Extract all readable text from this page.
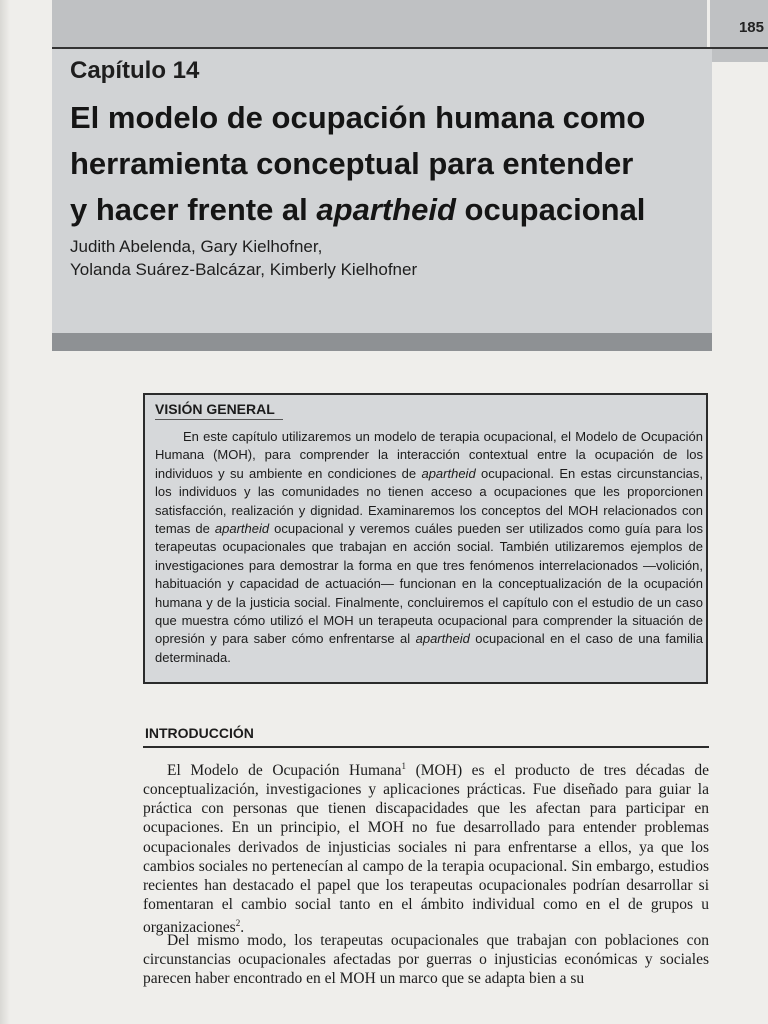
185
Capítulo 14
El modelo de ocupación humana como
herramienta conceptual para entender
y hacer frente al apartheid ocupacional
Judith Abelenda, Gary Kielhofner,
Yolanda Suárez-Balcázar, Kimberly Kielhofner
VISIÓN GENERAL

En este capítulo utilizaremos un modelo de terapia ocupacional, el Modelo de Ocupación Humana (MOH), para comprender la interacción contextual entre la ocupación de los individuos y su ambiente en condiciones de apartheid ocupacional. En estas circunstancias, los individuos y las comunidades no tienen acceso a ocupaciones que les proporcionen satisfacción, realización y dignidad. Examinaremos los conceptos del MOH relacionados con temas de apartheid ocupacional y veremos cuáles pueden ser utilizados como guía para los terapeutas ocupacionales que trabajan en acción social. También utilizaremos ejemplos de investigaciones para demostrar la forma en que tres fenómenos interrelacionados —volición, habituación y capacidad de actuación— funcionan en la conceptualización de la ocupación humana y de la justicia social. Finalmente, concluiremos el capítulo con el estudio de un caso que muestra cómo utilizó el MOH un terapeuta ocupacional para comprender la situación de opresión y para saber cómo enfrentarse al apartheid ocupacional en el caso de una familia determinada.

INTRODUCCIÓN

El Modelo de Ocupación Humana$^1$ (MOH) es el producto de tres décadas de conceptualización, investigaciones y aplicaciones prácticas. Fue diseñado para guiar la práctica con personas que tienen discapacidades que les afectan para participar en ocupaciones. En un principio, el MOH no fue desarrollado para entender problemas ocupacionales derivados de injusticias sociales ni para enfrentarse a ellos, ya que los cambios sociales no pertenecían al campo de la terapia ocupacional. Sin embargo, estudios recientes han destacado el papel que los terapeutas ocupacionales podrían desarrollar si fomentaran el cambio social tanto en el ámbito individual como en el de grupos u organizaciones$^2$.

Del mismo modo, los terapeutas ocupacionales que trabajan con poblaciones con circunstancias ocupacionales afectadas por guerras o injusticias económicas y sociales parecen haber encontrado en el MOH un marco que se adapta bien a su
